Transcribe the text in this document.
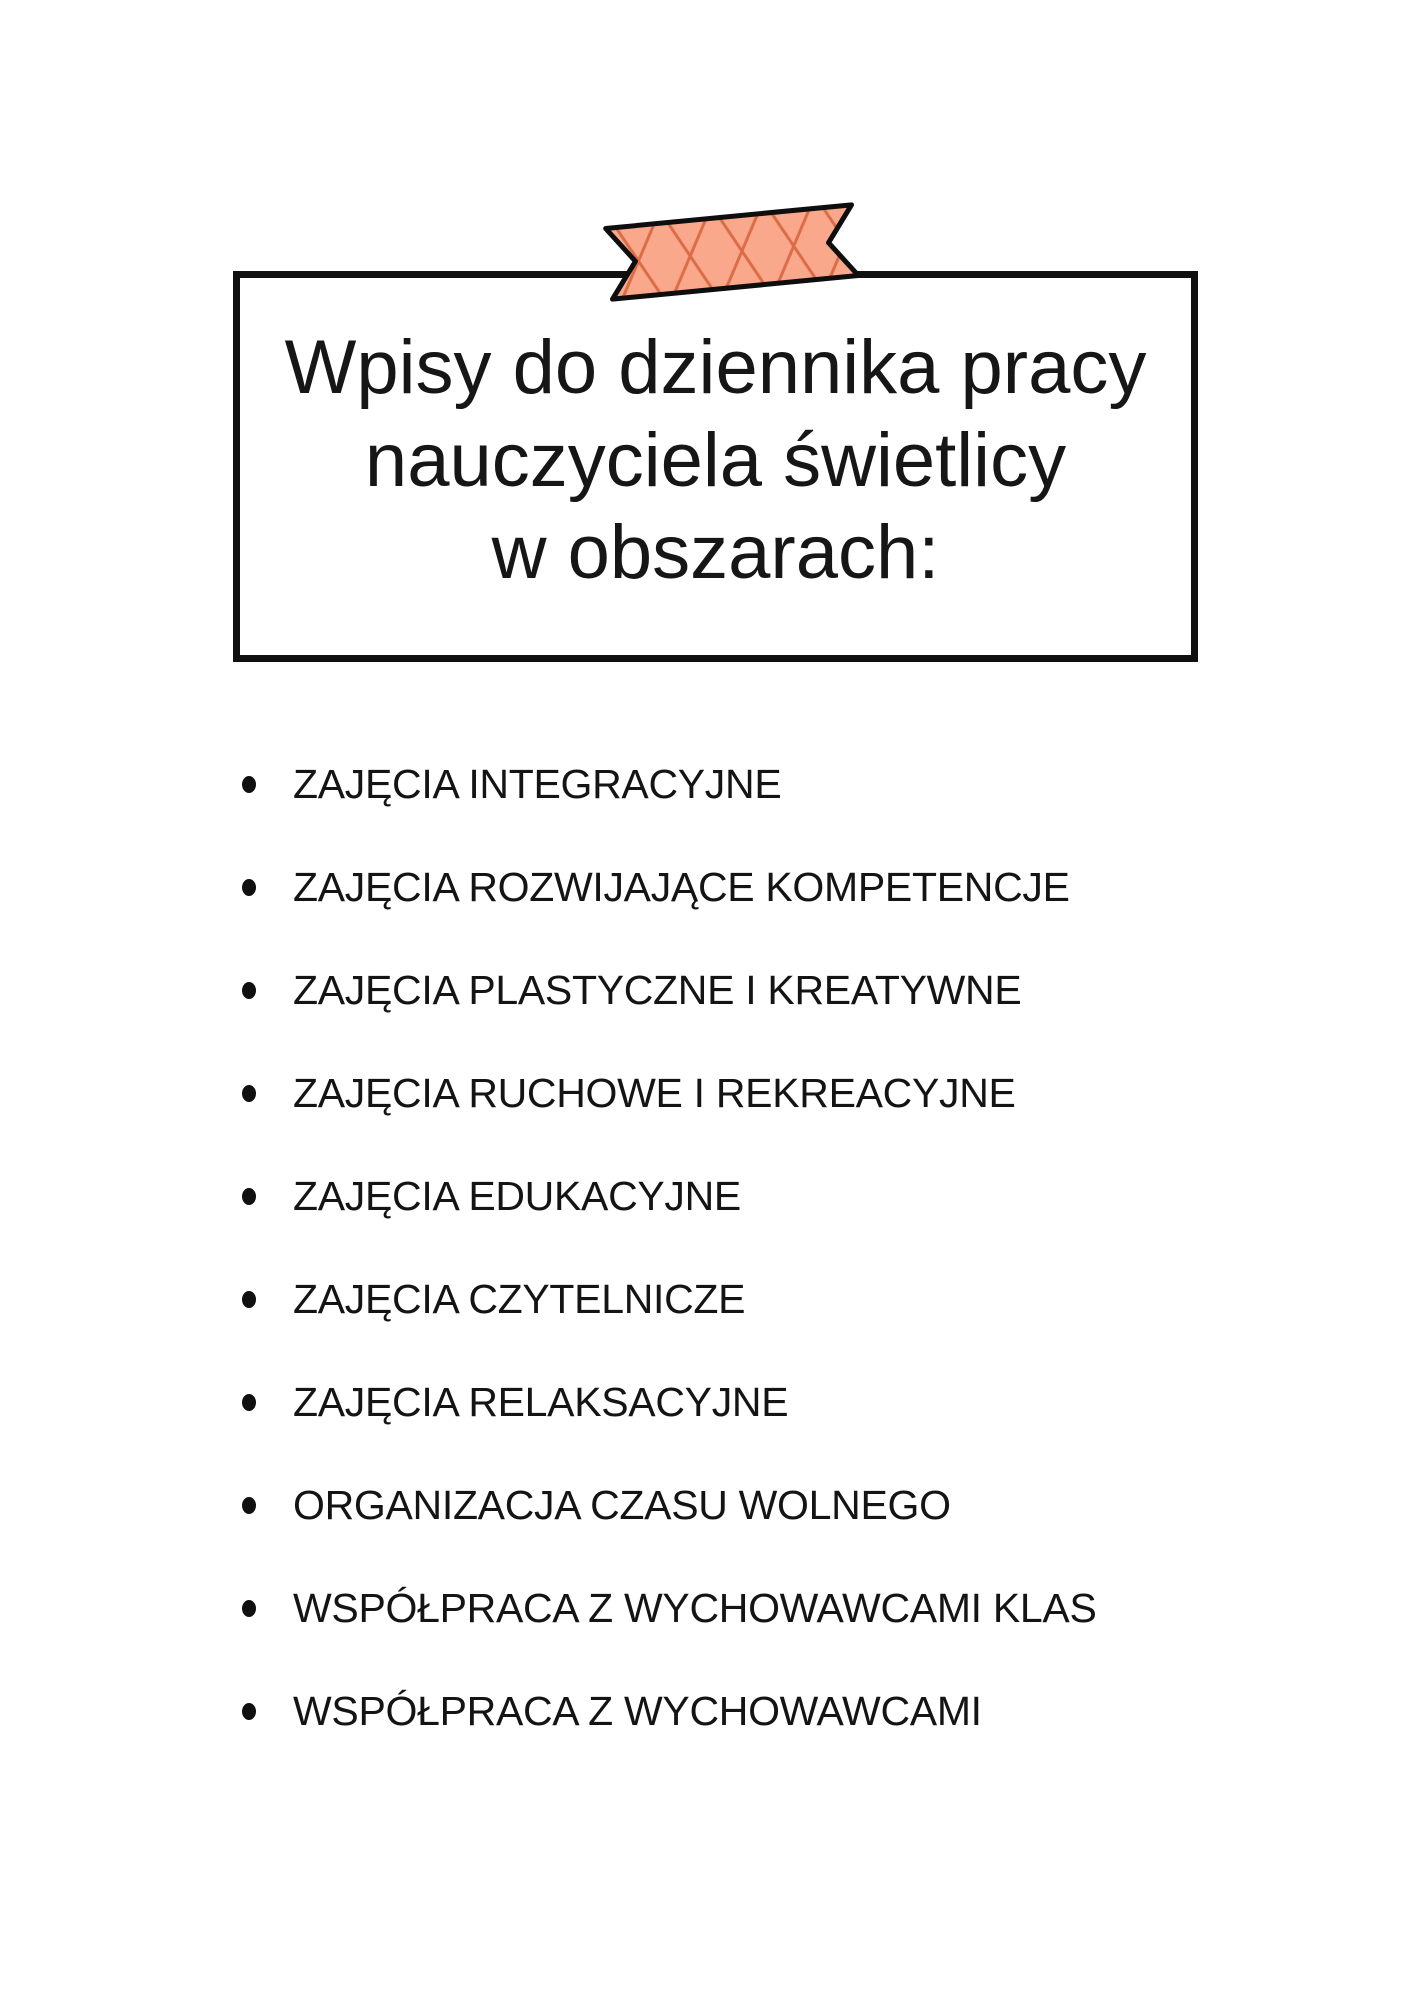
Wpisy do dziennika pracy
nauczyciela świetlicy
w obszarach:
ZAJĘCIA INTEGRACYJNE
ZAJĘCIA ROZWIJAJĄCE KOMPETENCJE
ZAJĘCIA PLASTYCZNE I KREATYWNE
ZAJĘCIA RUCHOWE I REKREACYJNE
ZAJĘCIA EDUKACYJNE
ZAJĘCIA CZYTELNICZE
ZAJĘCIA RELAKSACYJNE
ORGANIZACJA CZASU WOLNEGO
WSPÓŁPRACA Z WYCHOWAWCAMI KLAS
WSPÓŁPRACA Z WYCHOWAWCAMI
